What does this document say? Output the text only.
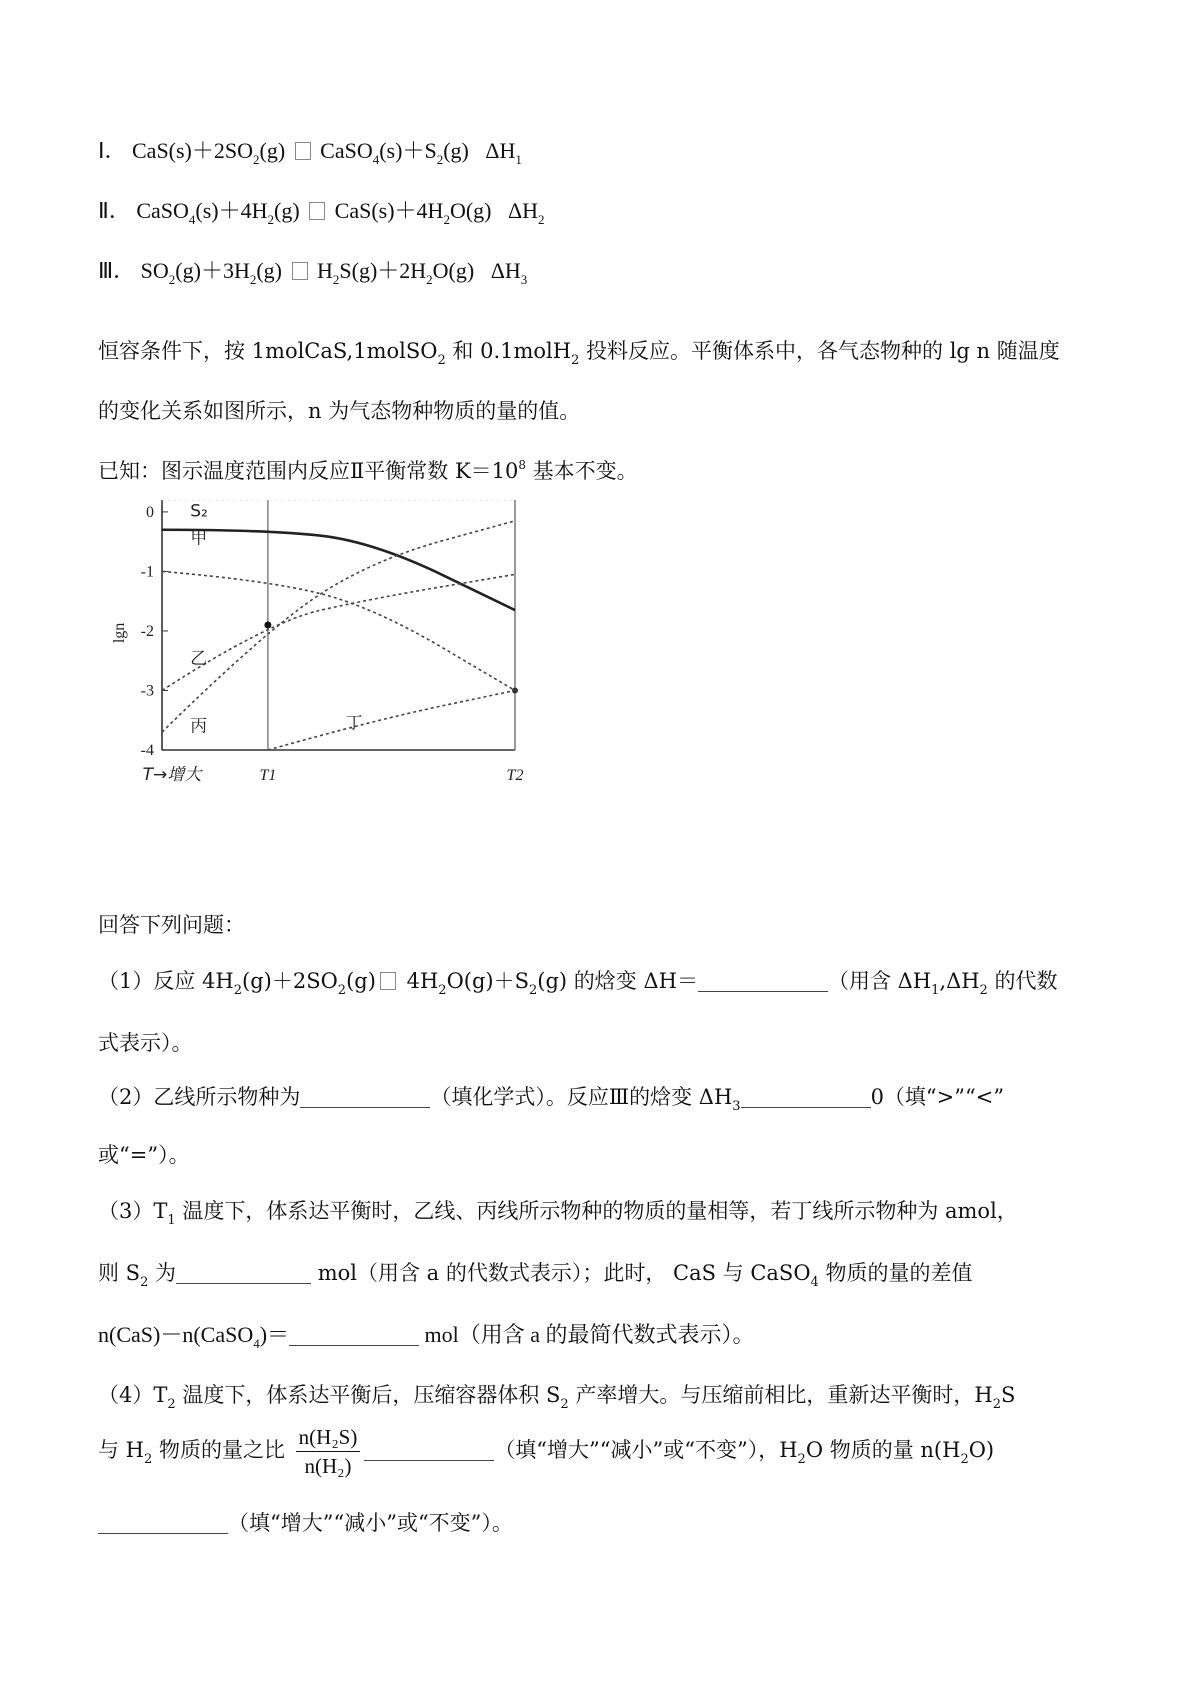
Ⅰ． $CaS(s)+2SO_2(g)$ $CaSO_4(s)+S_2(g)$ $\Delta H_1$
Ⅱ． $CaSO_4(s)+4H_2(g)$ $CaS(s)+4H_2O(g)$ $\Delta H_2$
Ⅲ． $SO_2(g)+3H_2(g)$ $H_2S(g)+2H_2O(g)$ $\Delta H_3$
恒容条件下，按 1molCaS,1molSO$_2$ 和 0.1molH$_2$ 投料反应。平衡体系中，各气态物种的 lg n 随温度
的变化关系如图所示，n 为气态物种物质的量的值。
已知：图示温度范围内反应Ⅱ平衡常数 $K=10^8$ 基本不变。
0
-1
-2
-3
-4
lgn
T→增大	T1	T2
S₂
甲
乙
丙	丁
回答下列问题：
（1）反应 $4H_2(g)+2SO_2(g)$ $4H_2O(g)+S_2(g)$ 的焓变 ΔH＝	（用含 $\Delta H_1,\Delta H_2$ 的代数
式表示）。
（2）乙线所示物种为	（填化学式）。反应Ⅲ的焓变 $\Delta H_3$	0（填“>”“<”
或“=”）。
$(3)T_1$ 温度下，体系达平衡时，乙线、丙线所示物种的物质的量相等，若丁线所示物种为 amol，
则 $S_2$ 为	mol（用含 a 的代数式表示）；此时， CaS 与 CaSO$_4$ 物质的量的差值
n(CaS)－n(CaSO$_4$)＝	mol（用含 a 的最简代数式表示）。
$(4)T_2$ 温度下，体系达平衡后，压缩容器体积 $S_2$ 产率增大。与压缩前相比，重新达平衡时，$H_2S$
与 $H_2$ 物质的量之比 $\frac{\text{n(H₂S)}}{\text{n(H₂)}}$	（填“增大”“减小”或“不变”），$H_2O$ 物质的量 $n(H_2O)$
（填“增大”“减小”或“不变”）。
